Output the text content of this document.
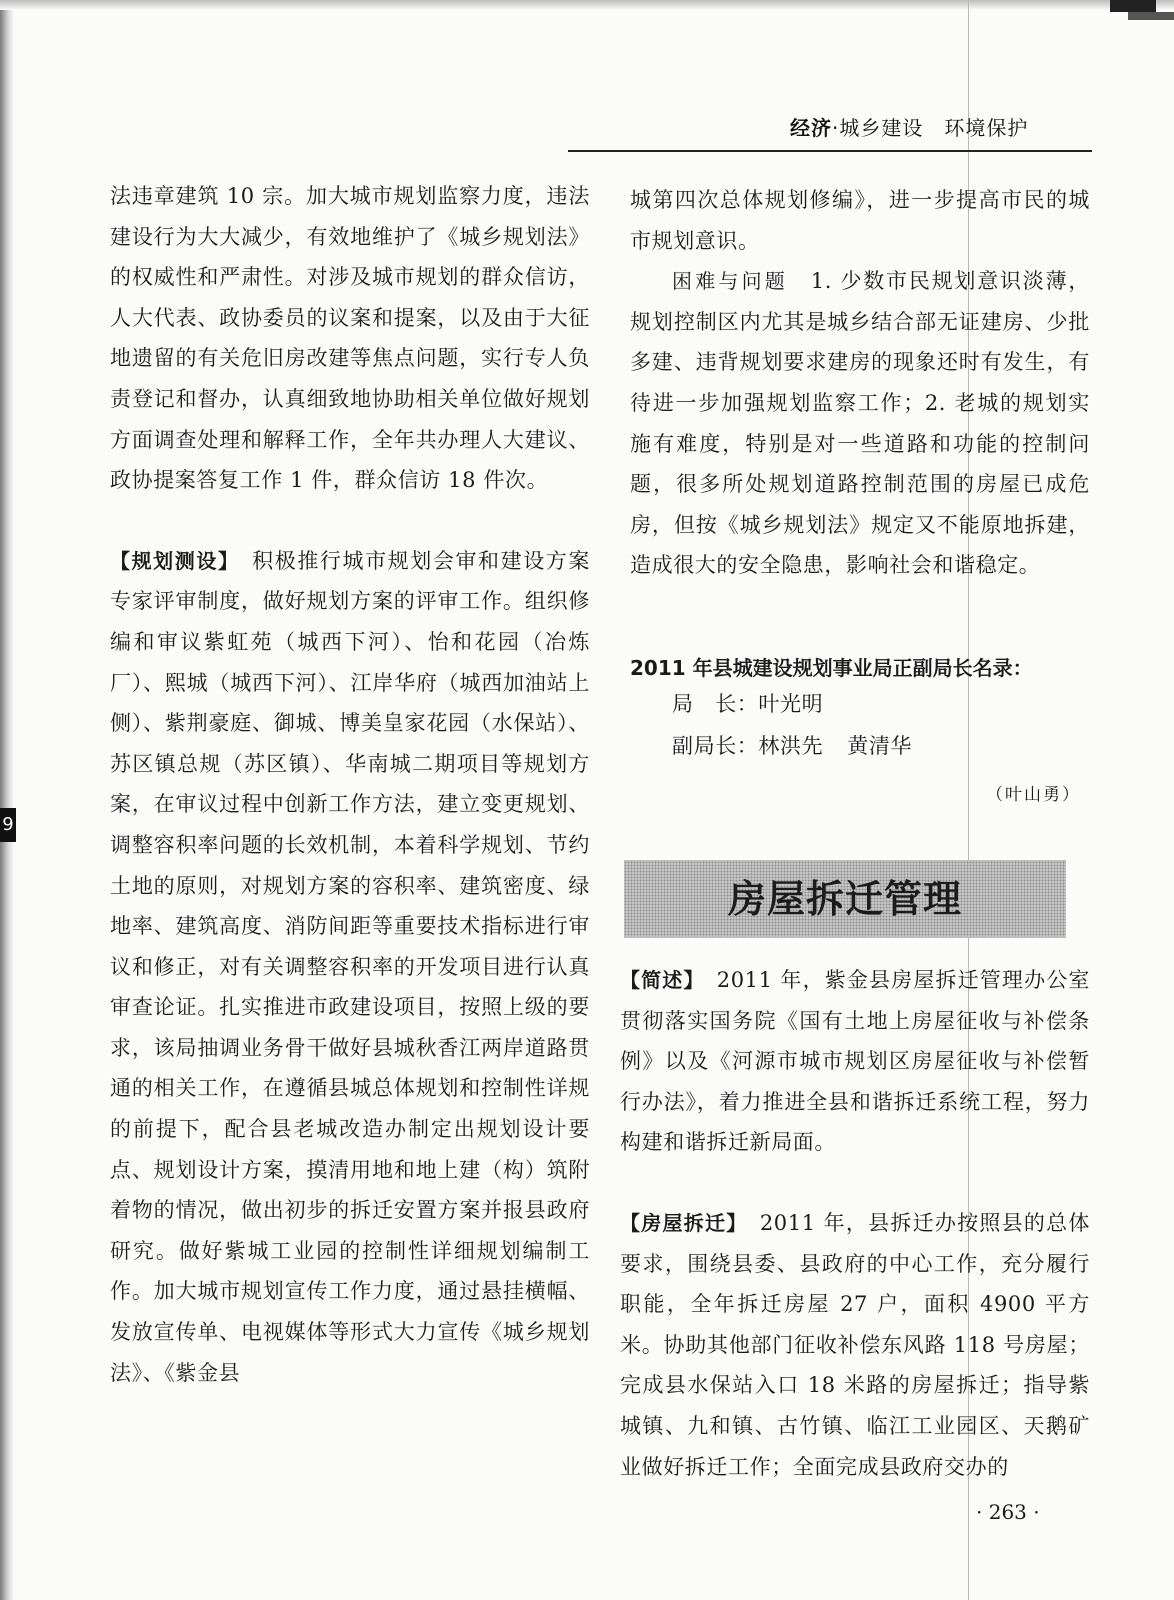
9
经济·城乡建设　环境保护

法违章建筑 10 宗。加大城市规划监察力度，违法建设行为大大减少，有效地维护了《城乡规划法》的权威性和严肃性。对涉及城市规划的群众信访，人大代表、政协委员的议案和提案，以及由于大征地遗留的有关危旧房改建等焦点问题，实行专人负责登记和督办，认真细致地协助相关单位做好规划方面调查处理和解释工作，全年共办理人大建议、政协提案答复工作 1 件，群众信访 18 件次。

【规划测设】　 积极推行城市规划会审和建设方案专家评审制度，做好规划方案的评审工作。组织修编和审议紫虹苑（城西下河）、怡和花园（冶炼厂）、熙城（城西下河）、江岸华府（城西加油站上侧）、紫荆豪庭、御城、博美皇家花园（水保站）、苏区镇总规（苏区镇）、华南城二期项目等规划方案，在审议过程中创新工作方法，建立变更规划、调整容积率问题的长效机制，本着科学规划、节约土地的原则，对规划方案的容积率、建筑密度、绿地率、建筑高度、消防间距等重要技术指标进行审议和修正，对有关调整容积率的开发项目进行认真审查论证。扎实推进市政建设项目，按照上级的要求，该局抽调业务骨干做好县城秋香江两岸道路贯通的相关工作，在遵循县城总体规划和控制性详规的前提下，配合县老城改造办制定出规划设计要点、规划设计方案，摸清用地和地上建（构）筑附着物的情况，做出初步的拆迁安置方案并报县政府研究。做好紫城工业园的控制性详细规划编制工作。加大城市规划宣传工作力度，通过悬挂横幅、发放宣传单、电视媒体等形式大力宣传《城乡规划法》、《紫金县

城第四次总体规划修编》，进一步提高市民的城市规划意识。

困难与问题　 1. 少数市民规划意识淡薄，规划控制区内尤其是城乡结合部无证建房、少批多建、违背规划要求建房的现象还时有发生，有待进一步加强规划监察工作；2. 老城的规划实施有难度，特别是对一些道路和功能的控制问题，很多所处规划道路控制范围的房屋已成危房，但按《城乡规划法》规定又不能原地拆建，造成很大的安全隐患，影响社会和谐稳定。

2011 年县城建设规划事业局正副局长名录：
局　长：叶光明
副局长：林洪先 黄清华
（叶山勇）
房屋拆迁管理

【简述】　 2011 年，紫金县房屋拆迁管理办公室贯彻落实国务院《国有土地上房屋征收与补偿条例》以及《河源市城市规划区房屋征收与补偿暂行办法》，着力推进全县和谐拆迁系统工程，努力构建和谐拆迁新局面。

【房屋拆迁】　 2011 年，县拆迁办按照县的总体要求，围绕县委、县政府的中心工作，充分履行职能，全年拆迁房屋 27 户，面积 4900 平方米。协助其他部门征收补偿东风路 118 号房屋；完成县水保站入口 18 米路的房屋拆迁；指导紫城镇、九和镇、古竹镇、临江工业园区、天鹅矿业做好拆迁工作；全面完成县政府交办的

· 263 ·
